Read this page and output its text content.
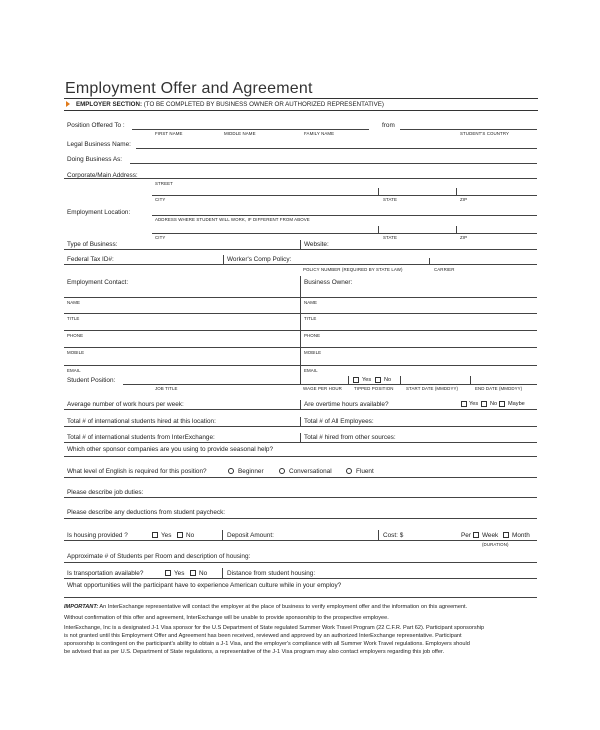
Employment Offer and Agreement
EMPLOYER SECTION: (TO BE COMPLETED BY BUSINESS OWNER OR AUTHORIZED REPRESENTATIVE)
Position Offered To :	from
FIRST NAME	MIDDLE NAME	FAMILY NAME	STUDENT'S COUNTRY
Legal Business Name:
Doing Business As:
Corporate/Main Address:
STREET
CITY	STATE	ZIP
Employment Location:
ADDRESS WHERE STUDENT WILL WORK, IF DIFFERENT FROM ABOVE
CITY	STATE	ZIP
Type of Business:	Website:
Federal Tax ID#:	Worker's Comp Policy:
POLICY NUMBER (REQUIRED BY STATE LAW)	CARRIER
Employment Contact:	Business Owner:
NAME	NAME
TITLE	TITLE
PHONE	PHONE
MOBILE	MOBILE
EMAIL	EMAIL
Student Position:	Yes No
JOB TITLE	WAGE PER HOUR	TIPPED POSITION	START DATE (MMDDYY)	END DATE (MMDDYY)
Average number of work hours per week:	Are overtime hours available?	Yes No Maybe
Total # of international students hired at this location:	Total # of All Employees:
Total # of international students from InterExchange:	Total # hired from other sources:
Which other sponsor companies are you using to provide seasonal help?
What level of English is required for this position?	Beginner	Conversational	Fluent
Please describe job duties:
Please describe any deductions from student paycheck:
Is housing provided ?	Yes No	Deposit Amount:	Cost: $	Per Week Month
(DURATION)
Approximate # of Students per Room and description of housing:
Is transportation available?	Yes No	Distance from student housing:
What opportunities will the participant have to experience American culture while in your employ?
IMPORTANT: An InterExchange representative will contact the employer at the place of business to verify employment offer and the information on this agreement.
Without confirmation of this offer and agreement, InterExchange will be unable to provide sponsorship to the prospective employee.
InterExchange, Inc is a designated J-1 Visa sponsor for the U.S Department of State regulated Summer Work Travel Program (22 C.F.R. Part 62). Participant sponsorship
is not granted until this Employment Offer and Agreement has been received, reviewed and approved by an authorized InterExchange representative. Participant
sponsorship is contingent on the participant's ability to obtain a J-1 Visa, and the employer's compliance with all Summer Work Travel regulations. Employers should
be advised that as per U.S. Department of State regulations, a representative of the J-1 Visa program may also contact employers regarding this job offer.
